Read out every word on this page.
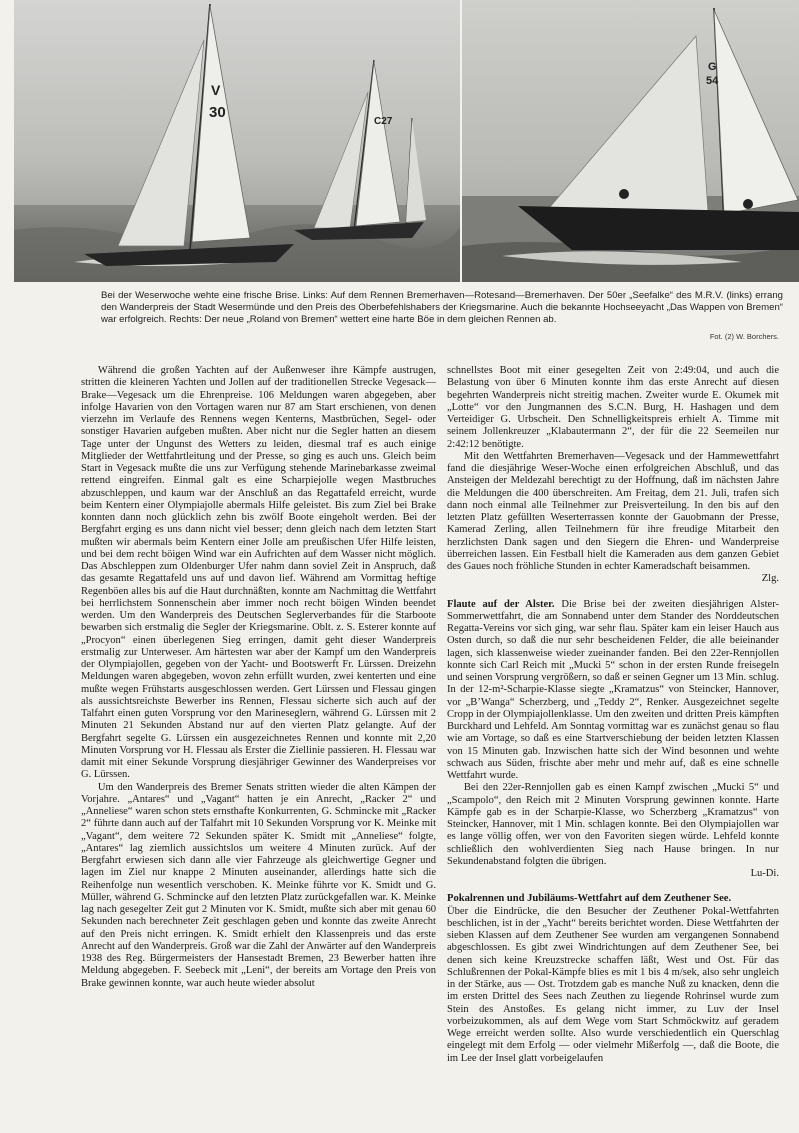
V
30
C27
G
54
Bei der Weserwoche wehte eine frische Brise. Links: Auf dem Rennen Bremerhaven—Rotesand—Bremerhaven. Der 50er „Seefalke“ des M.R.V. (links) errang den Wanderpreis der Stadt Wesermünde und den Preis des Oberbefehlshabers der Kriegsmarine. Auch die bekannte Hochseeyacht „Das Wappen von Bremen“ war erfolgreich. Rechts: Der neue „Roland von Bremen“ wettert eine harte Böe in dem gleichen Rennen ab.
Fot. (2) W. Borchers.

Während die großen Yachten auf der Außenweser ihre Kämpfe austrugen, stritten die kleineren Yachten und Jollen auf der traditionellen Strecke Vegesack—Brake—Vegesack um die Ehrenpreise. 106 Meldungen waren abgegeben, aber infolge Havarien von den Vortagen waren nur 87 am Start erschienen, von denen vierzehn im Verlaufe des Rennens wegen Kenterns, Mastbrüchen, Segel- oder sonstiger Havarien aufgeben mußten. Aber nicht nur die Segler hatten an diesem Tage unter der Ungunst des Wetters zu leiden, diesmal traf es auch einige Mitglieder der Wettfahrtleitung und der Presse, so ging es auch uns. Gleich beim Start in Vegesack mußte die uns zur Verfügung stehende Marinebarkasse zweimal rettend eingreifen. Einmal galt es eine Scharpiejolle wegen Mastbruches abzuschleppen, und kaum war der Anschluß an das Regattafeld erreicht, wurde beim Kentern einer Olympiajolle abermals Hilfe geleistet. Bis zum Ziel bei Brake konnten dann noch glücklich zehn bis zwölf Boote eingeholt werden. Bei der Bergfahrt erging es uns dann nicht viel besser; denn gleich nach dem letzten Start mußten wir abermals beim Kentern einer Jolle am preußischen Ufer Hilfe leisten, und bei dem recht böigen Wind war ein Aufrichten auf dem Wasser nicht möglich. Das Abschleppen zum Oldenburger Ufer nahm dann soviel Zeit in Anspruch, daß das gesamte Regattafeld uns auf und davon lief. Während am Vormittag heftige Regenböen alles bis auf die Haut durchnäßten, konnte am Nachmittag die Wettfahrt bei herrlichstem Sonnenschein aber immer noch recht böigen Winden beendet werden. Um den Wanderpreis des Deutschen Seglerverbandes für die Starboote bewarben sich erstmalig die Segler der Kriegsmarine. Oblt. z. S. Esterer konnte auf „Procyon“ einen überlegenen Sieg erringen, damit geht dieser Wanderpreis erstmalig zur Unterweser. Am härtesten war aber der Kampf um den Wanderpreis der Olympiajollen, gegeben von der Yacht- und Bootswerft Fr. Lürssen. Dreizehn Meldungen waren abgegeben, wovon zehn erfüllt wurden, zwei kenterten und eine mußte wegen Frühstarts ausgeschlossen werden. Gert Lürssen und Flessau gingen als aussichtsreichste Bewerber ins Rennen, Flessau sicherte sich auch auf der Talfahrt einen guten Vorsprung vor den Marineseglern, während G. Lürssen mit 2 Minuten 21 Sekunden Abstand nur auf den vierten Platz gelangte. Auf der Bergfahrt segelte G. Lürssen ein ausgezeichnetes Rennen und konnte mit 2,20 Minuten Vorsprung vor H. Flessau als Erster die Ziellinie passieren. H. Flessau war damit mit einer Sekunde Vorsprung diesjähriger Gewinner des Wanderpreises vor G. Lürssen.

Um den Wanderpreis des Bremer Senats stritten wieder die alten Kämpen der Vorjahre. „Antares“ und „Vagant“ hatten je ein Anrecht, „Racker 2“ und „Anneliese“ waren schon stets ernsthafte Konkurrenten, G. Schmincke mit „Racker 2“ führte dann auch auf der Talfahrt mit 10 Sekunden Vorsprung vor K. Meinke mit „Vagant“, dem weitere 72 Sekunden später K. Smidt mit „Anneliese“ folgte, „Antares“ lag ziemlich aussichtslos um weitere 4 Minuten zurück. Auf der Bergfahrt erwiesen sich dann alle vier Fahrzeuge als gleichwertige Gegner und lagen im Ziel nur knappe 2 Minuten auseinander, allerdings hatte sich die Reihenfolge nun wesentlich verschoben. K. Meinke führte vor K. Smidt und G. Müller, während G. Schmincke auf den letzten Platz zurückgefallen war. K. Meinke lag nach gesegelter Zeit gut 2 Minuten vor K. Smidt, mußte sich aber mit genau 60 Sekunden nach berechneter Zeit geschlagen geben und konnte das zweite Anrecht auf den Preis nicht erringen. K. Smidt erhielt den Klassenpreis und das erste Anrecht auf den Wanderpreis. Groß war die Zahl der Anwärter auf den Wanderpreis 1938 des Reg. Bürgermeisters der Hansestadt Bremen, 23 Bewerber hatten ihre Meldung abgegeben. F. Seebeck mit „Leni“, der bereits am Vortage den Preis von Brake gewinnen konnte, war auch heute wieder absolut

schnellstes Boot mit einer gesegelten Zeit von 2:49:04, und auch die Belastung von über 6 Minuten konnte ihm das erste Anrecht auf diesen begehrten Wanderpreis nicht streitig machen. Zweiter wurde E. Okumek mit „Lotte“ vor den Jungmannen des S.C.N. Burg, H. Hashagen und dem Verteidiger G. Urbscheit. Den Schnelligkeitspreis erhielt A. Timme mit seinem Jollenkreuzer „Klabautermann 2“, der für die 22 Seemeilen nur 2:42:12 benötigte.

Mit den Wettfahrten Bremerhaven—Vegesack und der Hammewettfahrt fand die diesjährige Weser-Woche einen erfolgreichen Abschluß, und das Ansteigen der Meldezahl berechtigt zu der Hoffnung, daß im nächsten Jahre die Meldungen die 400 überschreiten. Am Freitag, dem 21. Juli, trafen sich dann noch einmal alle Teilnehmer zur Preisverteilung. In den bis auf den letzten Platz gefüllten Weserterrassen konnte der Gauobmann der Presse, Kamerad Zerling, allen Teilnehmern für ihre freudige Mitarbeit den herzlichsten Dank sagen und den Siegern die Ehren- und Wanderpreise überreichen lassen. Ein Festball hielt die Kameraden aus dem ganzen Gebiet des Gaues noch fröhliche Stunden in echter Kameradschaft beisammen.

Zlg.

Flaute auf der Alster. Die Brise bei der zweiten diesjährigen Alster-Sommerwettfahrt, die am Sonnabend unter dem Stander des Norddeutschen Regatta-Vereins vor sich ging, war sehr flau. Später kam ein leiser Hauch aus Osten durch, so daß die nur sehr bescheidenen Felder, die alle beieinander lagen, sich klassenweise wieder zueinander fanden. Bei den 22er-Rennjollen konnte sich Carl Reich mit „Mucki 5“ schon in der ersten Runde freisegeln und seinen Vorsprung vergrößern, so daß er seinen Gegner um 13 Min. schlug. In der 12-m²-Scharpie-Klasse siegte „Kramatzus“ von Steincker, Hannover, vor „B’Wanga“ Scherzberg, und „Teddy 2“, Renker. Ausgezeichnet segelte Cropp in der Olympiajollenklasse. Um den zweiten und dritten Preis kämpften Burckhard und Lehfeld. Am Sonntag vormittag war es zunächst genau so flau wie am Vortage, so daß es eine Startverschiebung der beiden letzten Klassen von 15 Minuten gab. Inzwischen hatte sich der Wind besonnen und wehte schwach aus Süden, frischte aber mehr und mehr auf, daß es eine schnelle Wettfahrt wurde.

Bei den 22er-Rennjollen gab es einen Kampf zwischen „Mucki 5“ und „Scampolo“, den Reich mit 2 Minuten Vorsprung gewinnen konnte. Harte Kämpfe gab es in der Scharpie-Klasse, wo Scherzberg „Kramatzus“ von Steincker, Hannover, mit 1 Min. schlagen konnte. Bei den Olympiajollen war es lange völlig offen, wer von den Favoriten siegen würde. Lehfeld konnte schließlich den wohlverdienten Sieg nach Hause bringen. In nur Sekundenabstand folgten die übrigen.

Lu-Di.

Pokalrennen und Jubiläums-Wettfahrt auf dem Zeuthener See.

Über die Eindrücke, die den Besucher der Zeuthener Pokal-Wettfahrten beschlichen, ist in der „Yacht“ bereits berichtet worden. Diese Wettfahrten der sieben Klassen auf dem Zeuthener See wurden am vergangenen Sonnabend abgeschlossen. Es gibt zwei Windrichtungen auf dem Zeuthener See, bei denen sich keine Kreuzstrecke schaffen läßt, West und Ost. Für das Schlußrennen der Pokal-Kämpfe blies es mit 1 bis 4 m/sek, also sehr ungleich in der Stärke, aus — Ost. Trotzdem gab es manche Nuß zu knacken, denn die im ersten Drittel des Sees nach Zeuthen zu liegende Rohrinsel wurde zum Stein des Anstoßes. Es gelang nicht immer, zu Luv der Insel vorbeizukommen, als auf dem Wege vom Start Schmöckwitz auf geradem Wege erreicht werden sollte. Also wurde verschiedentlich ein Querschlag eingelegt mit dem Erfolg — oder vielmehr Mißerfolg —, daß die Boote, die im Lee der Insel glatt vorbeigelaufen
